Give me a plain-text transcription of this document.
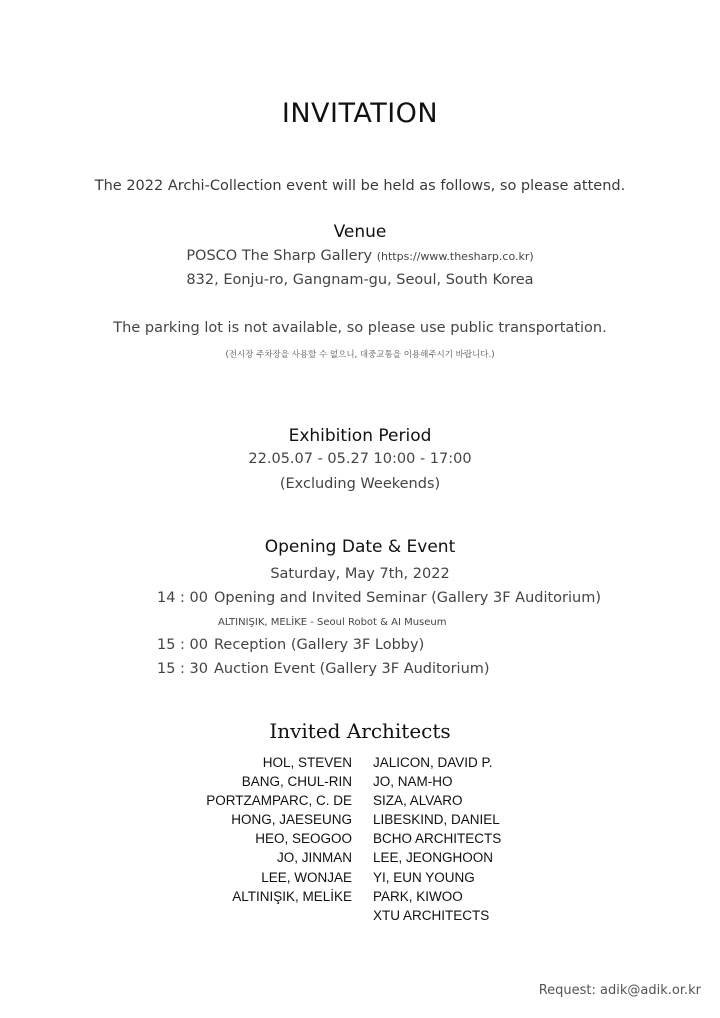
INVITATION
The 2022 Archi-Collection event will be held as follows, so please attend.
Venue
POSCO The Sharp Gallery (https://www.thesharp.co.kr)
832, Eonju-ro, Gangnam-gu, Seoul, South Korea
The parking lot is not available, so please use public transportation.
(전시장 주차장을 사용할 수 없으니, 대중교통을 이용해주시기 바랍니다.)
Exhibition Period
22.05.07 - 05.27 10:00 - 17:00
(Excluding Weekends)
Opening Date & Event
Saturday, May 7th, 2022
14 : 00 Opening and Invited Seminar (Gallery 3F Auditorium)
ALTINIŞIK, MELİKE - Seoul Robot & AI Museum
15 : 00 Reception (Gallery 3F Lobby)
15 : 30 Auction Event (Gallery 3F Auditorium)
Invited Architects
HOL, STEVEN
BANG, CHUL-RIN
PORTZAMPARC, C. DE
HONG, JAESEUNG
HEO, SEOGOO
JO, JINMAN
LEE, WONJAE
ALTINIŞIK, MELİKE
JALICON, DAVID P.
JO, NAM-HO
SIZA, ALVARO
LIBESKIND, DANIEL
BCHO ARCHITECTS
LEE, JEONGHOON
YI, EUN YOUNG
PARK, KIWOO
XTU ARCHITECTS
Request: adik@adik.or.kr
